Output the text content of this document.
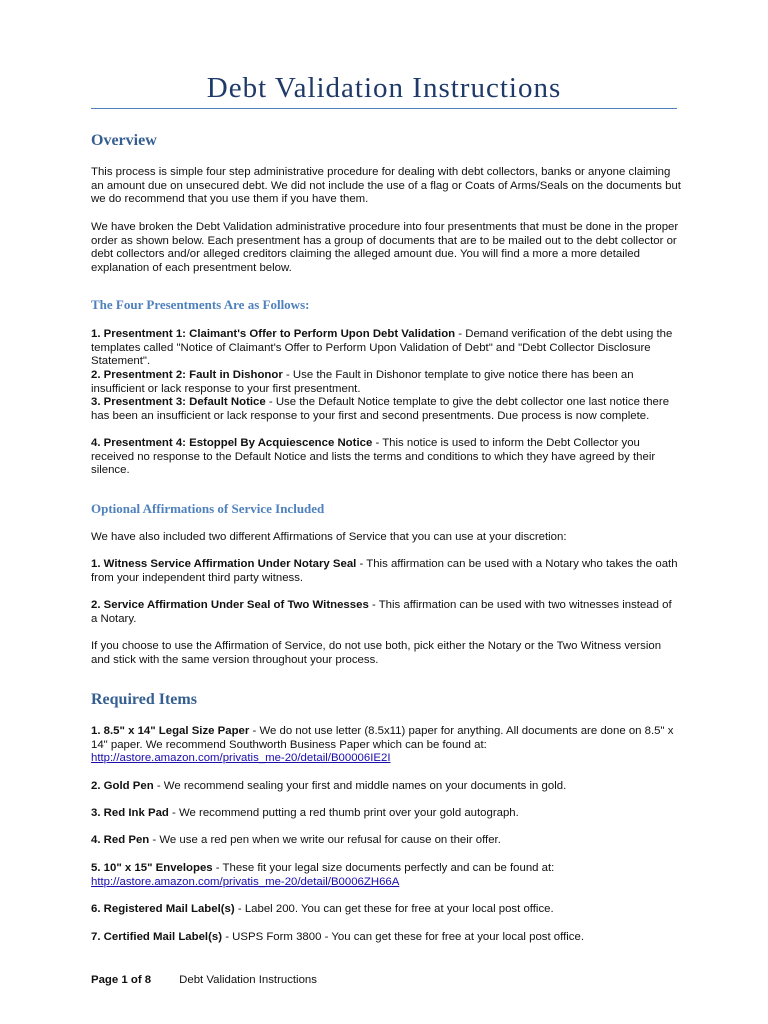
Debt Validation Instructions
Overview

This process is simple four step administrative procedure for dealing with debt collectors, banks or anyone claiming an amount due on unsecured debt. We did not include the use of a flag or Coats of Arms/Seals on the documents but we do recommend that you use them if you have them.

We have broken the Debt Validation administrative procedure into four presentments that must be done in the proper order as shown below. Each presentment has a group of documents that are to be mailed out to the debt collector or debt collectors and/or alleged creditors claiming the alleged amount due. You will find a more a more detailed explanation of each presentment below.

The Four Presentments Are as Follows:

1. Presentment 1: Claimant's Offer to Perform Upon Debt Validation - Demand verification of the debt using the templates called "Notice of Claimant's Offer to Perform Upon Validation of Debt" and "Debt Collector Disclosure Statement".

2. Presentment 2: Fault in Dishonor - Use the Fault in Dishonor template to give notice there has been an insufficient or lack response to your first presentment.

3. Presentment 3: Default Notice - Use the Default Notice template to give the debt collector one last notice there has been an insufficient or lack response to your first and second presentments. Due process is now complete.

4. Presentment 4: Estoppel By Acquiescence Notice - This notice is used to inform the Debt Collector you received no response to the Default Notice and lists the terms and conditions to which they have agreed by their silence.

Optional Affirmations of Service Included

We have also included two different Affirmations of Service that you can use at your discretion:

1. Witness Service Affirmation Under Notary Seal - This affirmation can be used with a Notary who takes the oath from your independent third party witness.

2. Service Affirmation Under Seal of Two Witnesses - This affirmation can be used with two witnesses instead of a Notary.

If you choose to use the Affirmation of Service, do not use both, pick either the Notary or the Two Witness version and stick with the same version throughout your process.

Required Items

1. 8.5" x 14" Legal Size Paper - We do not use letter (8.5x11) paper for anything. All documents are done on 8.5" x 14" paper. We recommend Southworth Business Paper which can be found at:
http://astore.amazon.com/privatis_me-20/detail/B00006IE2I

2. Gold Pen - We recommend sealing your first and middle names on your documents in gold.

3. Red Ink Pad - We recommend putting a red thumb print over your gold autograph.

4. Red Pen - We use a red pen when we write our refusal for cause on their offer.

5. 10" x 15" Envelopes - These fit your legal size documents perfectly and can be found at:
http://astore.amazon.com/privatis_me-20/detail/B0006ZH66A

6. Registered Mail Label(s) - Label 200. You can get these for free at your local post office.

7. Certified Mail Label(s) - USPS Form 3800 - You can get these for free at your local post office.

Page 1 of 8 Debt Validation Instructions
